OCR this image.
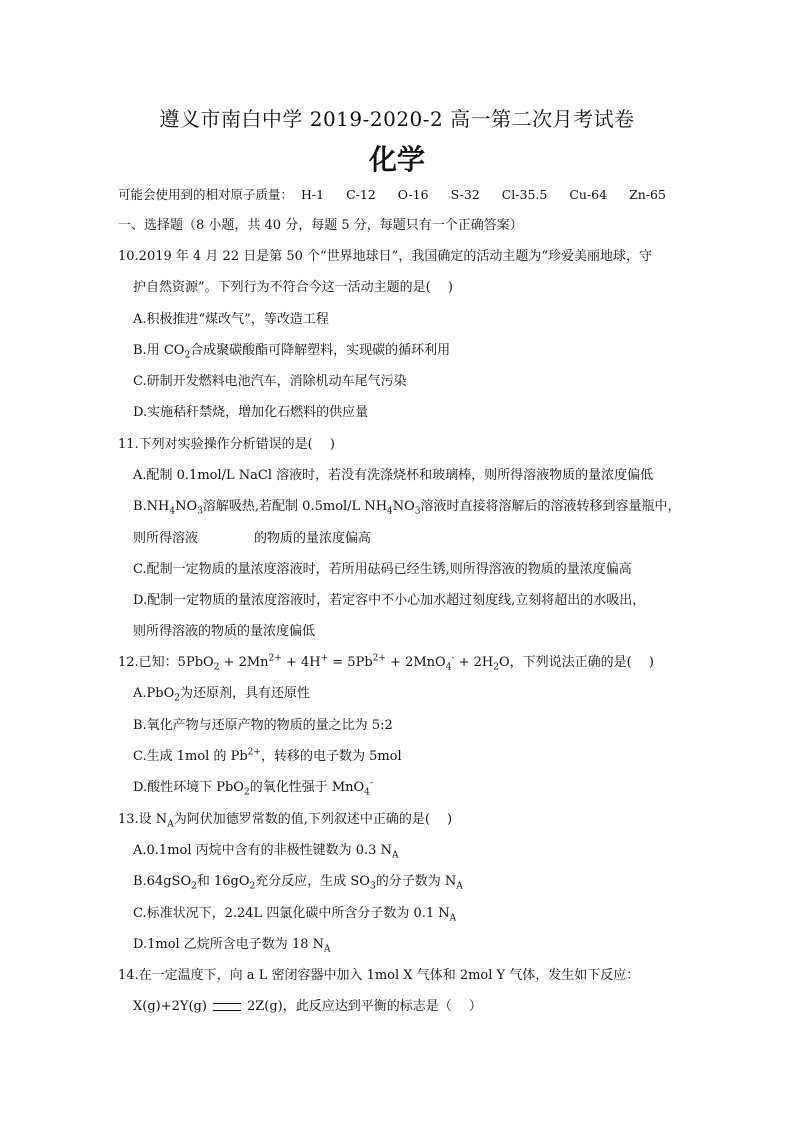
遵义市南白中学 2019-2020-2 高一第二次月考试卷
化学
可能会使用到的相对原子质量： H-1 C-12 O-16 S-32 Cl-35.5 Cu-64 Zn-65
一、选择题（8 小题，共 40 分，每题 5 分，每题只有一个正确答案）
10.2019 年 4 月 22 日是第 50 个“世界地球日”，我国确定的活动主题为“珍爱美丽地球，守
护自然资源”。下列行为不符合今这一活动主题的是(　 )
A.积极推进“煤改气”，等改造工程
B.用 $CO_2$合成聚碳酸酯可降解塑料，实现碳的循环利用
C.研制开发燃料电池汽车，消除机动车尾气污染
D.实施秸秆禁烧，增加化石燃料的供应量
11.下列对实验操作分析错误的是(　 )
A.配制 0.1mol/L NaCl 溶液时，若没有洗涤烧杯和玻璃棒，则所得溶液物质的量浓度偏低
$B.NH_4NO_3$溶解吸热,若配制 0.5mol/L $NH_4NO_3$溶液时直接将溶解后的溶液转移到容量瓶中，
则所得溶液	的物质的量浓度偏高
C.配制一定物质的量浓度溶液时，若所用砝码已经生锈,则所得溶液的物质的量浓度偏高
D.配制一定物质的量浓度溶液时，若定容中不小心加水超过刻度线,立刻将超出的水吸出，
则所得溶液的物质的量浓度偏低
12.已知：$5PbO_2 + 2Mn^{2+} + 4H^+ = 5Pb^{2+} + 2MnO_4^- + 2H_2O$，下列说法正确的是(　 )
A.PbO$_2$为还原剂，具有还原性
B.氧化产物与还原产物的物质的量之比为 5:2
C.生成 1mol 的 $Pb^{2+}$，转移的电子数为 5mol
D.酸性环境下 PbO$_2$的氧化性强于 MnO$_4$-
13.设 $N_A$为阿伏加德罗常数的值,下列叙述中正确的是(　 )
A.0.1mol 丙烷中含有的非极性键数为 0.3 $N_A$
B.64gSO$_2$和 $16gO_2$充分反应，生成 $SO_3$的分子数为 $N_A$
C.标准状况下，2.24L 四氯化碳中所含分子数为 0.1 $N_A$
D.1mol 乙烷所含电子数为 18 $N_A$
14.在一定温度下，向 a L 密闭容器中加入 1mol X 气体和 2mol Y 气体，发生如下反应：
X(g)+2Y(g)	2Z(g)，此反应达到平衡的标志是（　 ）
